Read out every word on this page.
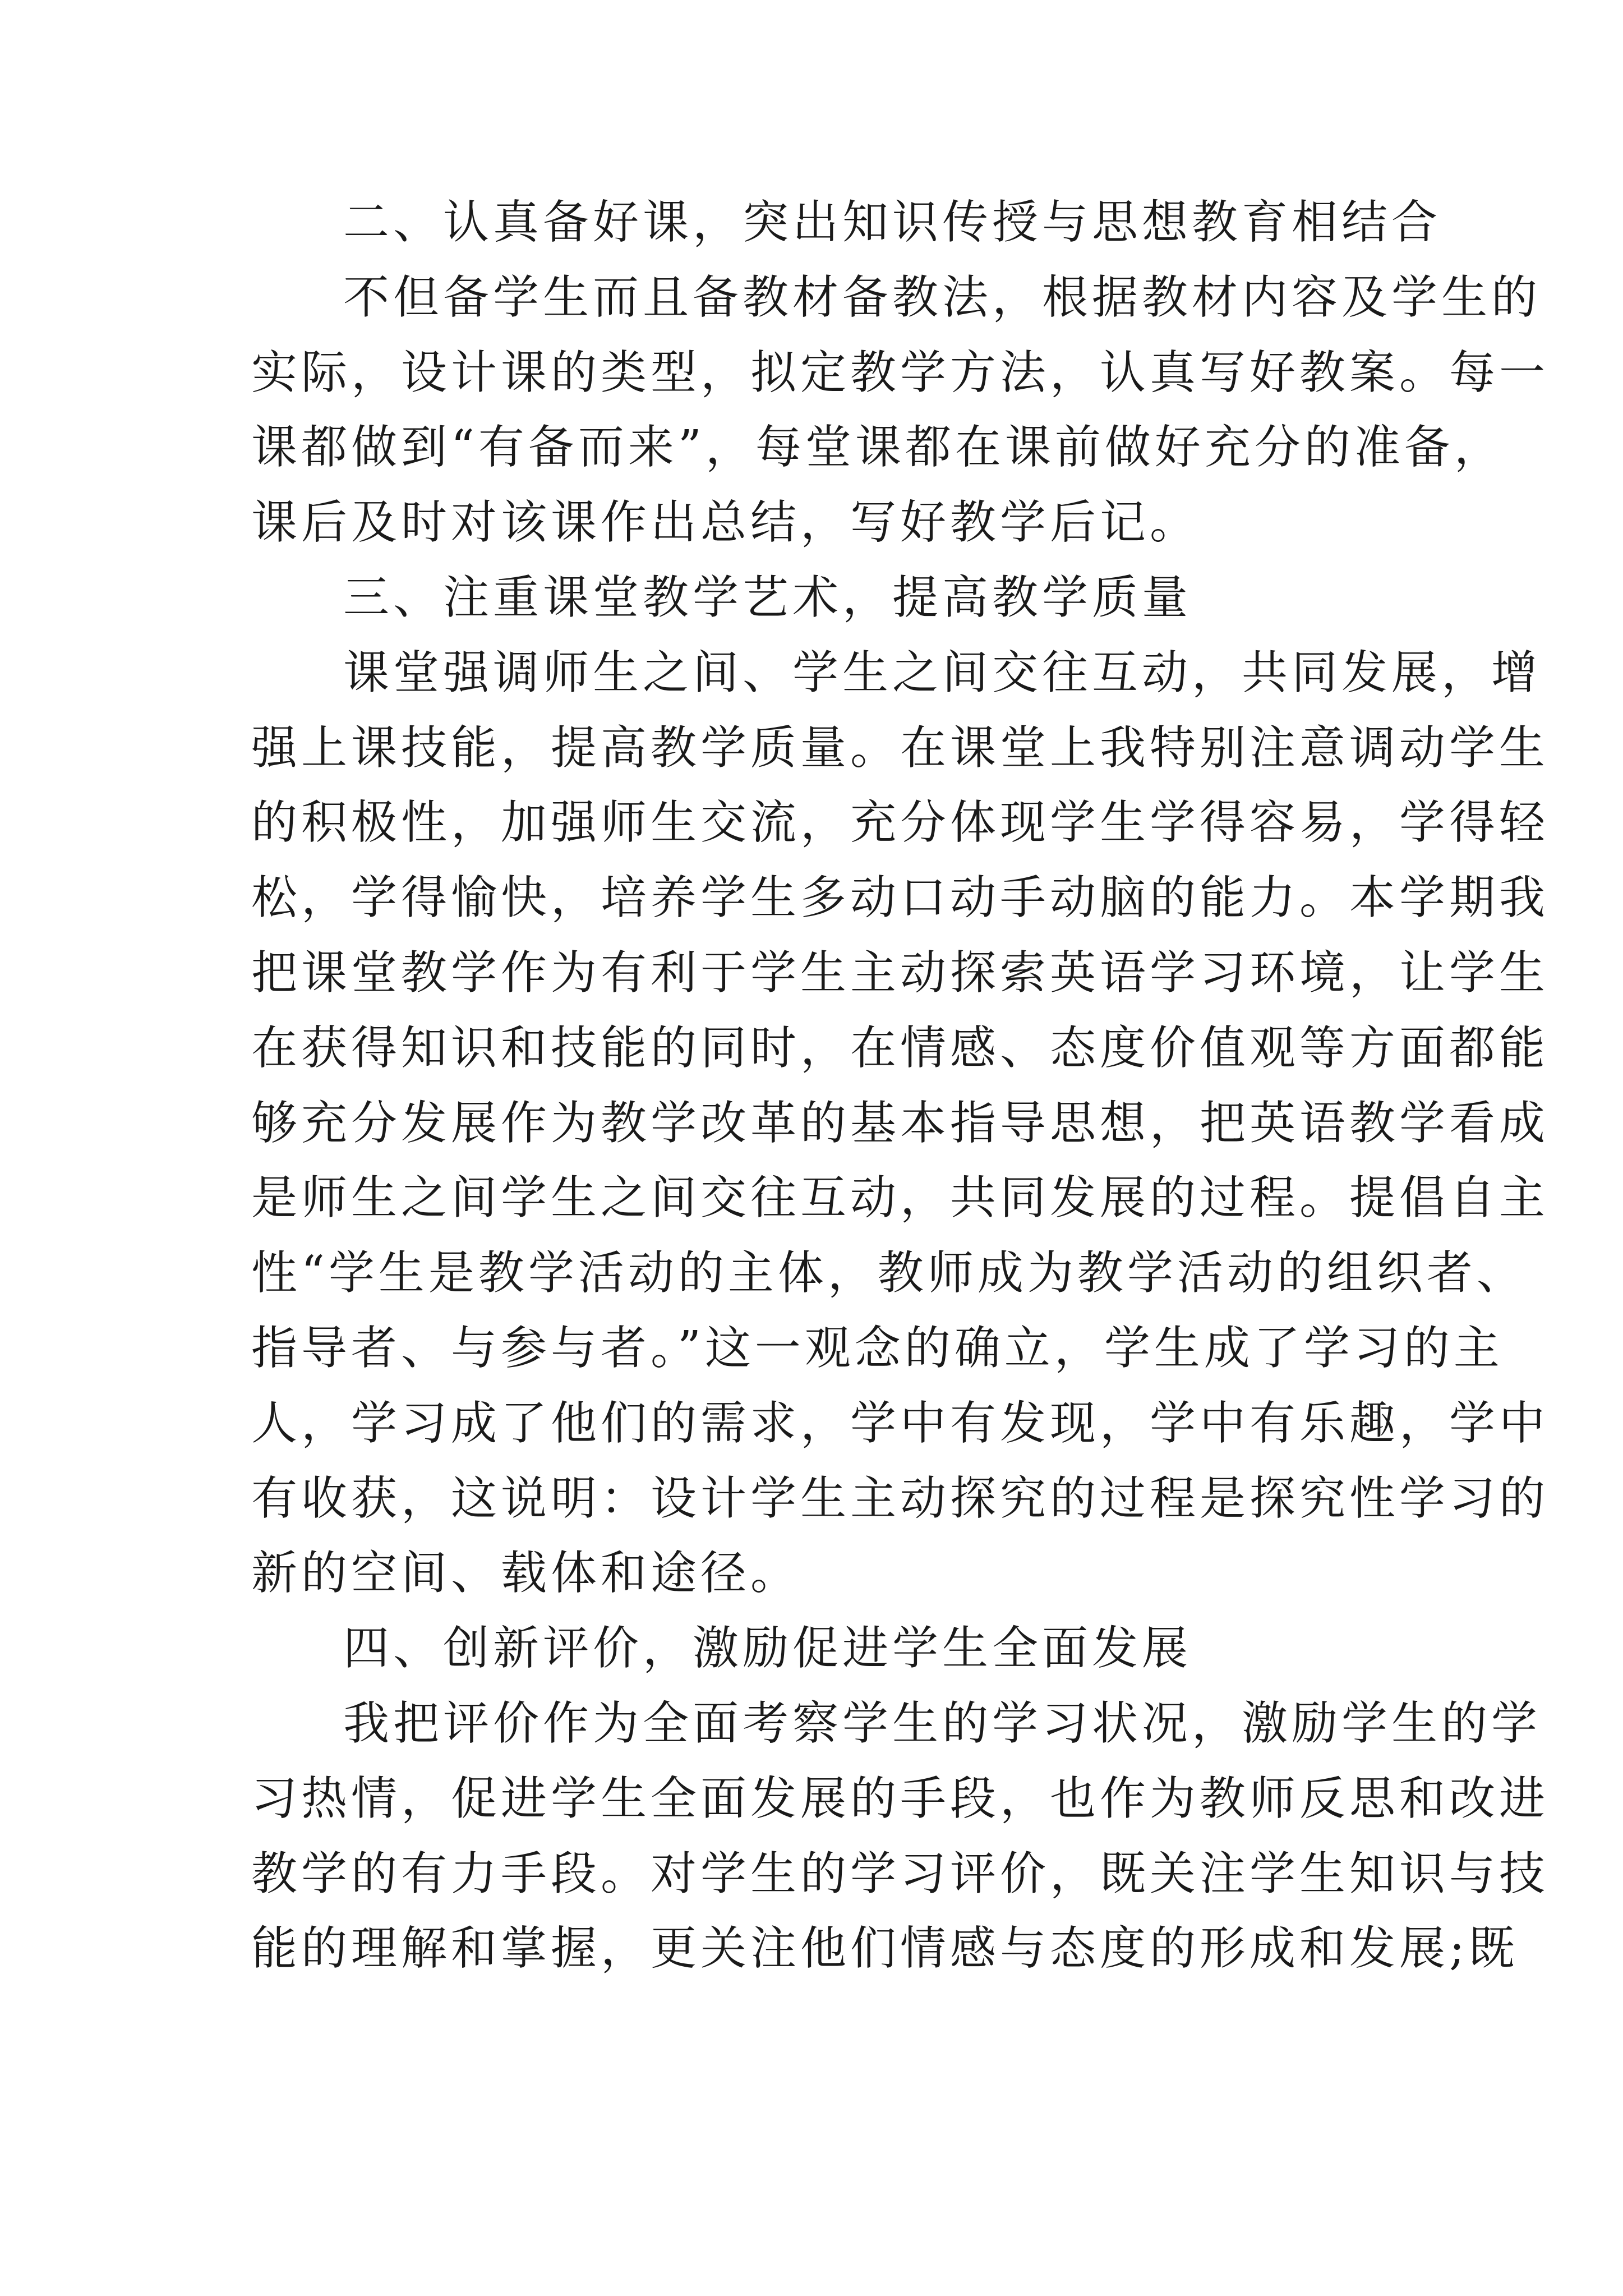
二、认真备好课，突出知识传授与思想教育相结合
不但备学生而且备教材备教法，根据教材内容及学生的
实际，设计课的类型，拟定教学方法，认真写好教案。每一
课都做到“有备而来”，每堂课都在课前做好充分的准备，
课后及时对该课作出总结，写好教学后记。
三、注重课堂教学艺术，提高教学质量
课堂强调师生之间、学生之间交往互动，共同发展，增
强上课技能，提高教学质量。在课堂上我特别注意调动学生
的积极性，加强师生交流，充分体现学生学得容易，学得轻
松，学得愉快，培养学生多动口动手动脑的能力。本学期我
把课堂教学作为有利于学生主动探索英语学习环境，让学生
在获得知识和技能的同时，在情感、态度价值观等方面都能
够充分发展作为教学改革的基本指导思想，把英语教学看成
是师生之间学生之间交往互动，共同发展的过程。提倡自主
性“学生是教学活动的主体，教师成为教学活动的组织者、
指导者、与参与者。”这一观念的确立，学生成了学习的主
人，学习成了他们的需求，学中有发现，学中有乐趣，学中
有收获，这说明：设计学生主动探究的过程是探究性学习的
新的空间、载体和途径。
四、创新评价，激励促进学生全面发展
我把评价作为全面考察学生的学习状况，激励学生的学
习热情，促进学生全面发展的手段，也作为教师反思和改进
教学的有力手段。对学生的学习评价，既关注学生知识与技
能的理解和掌握，更关注他们情感与态度的形成和发展;既
